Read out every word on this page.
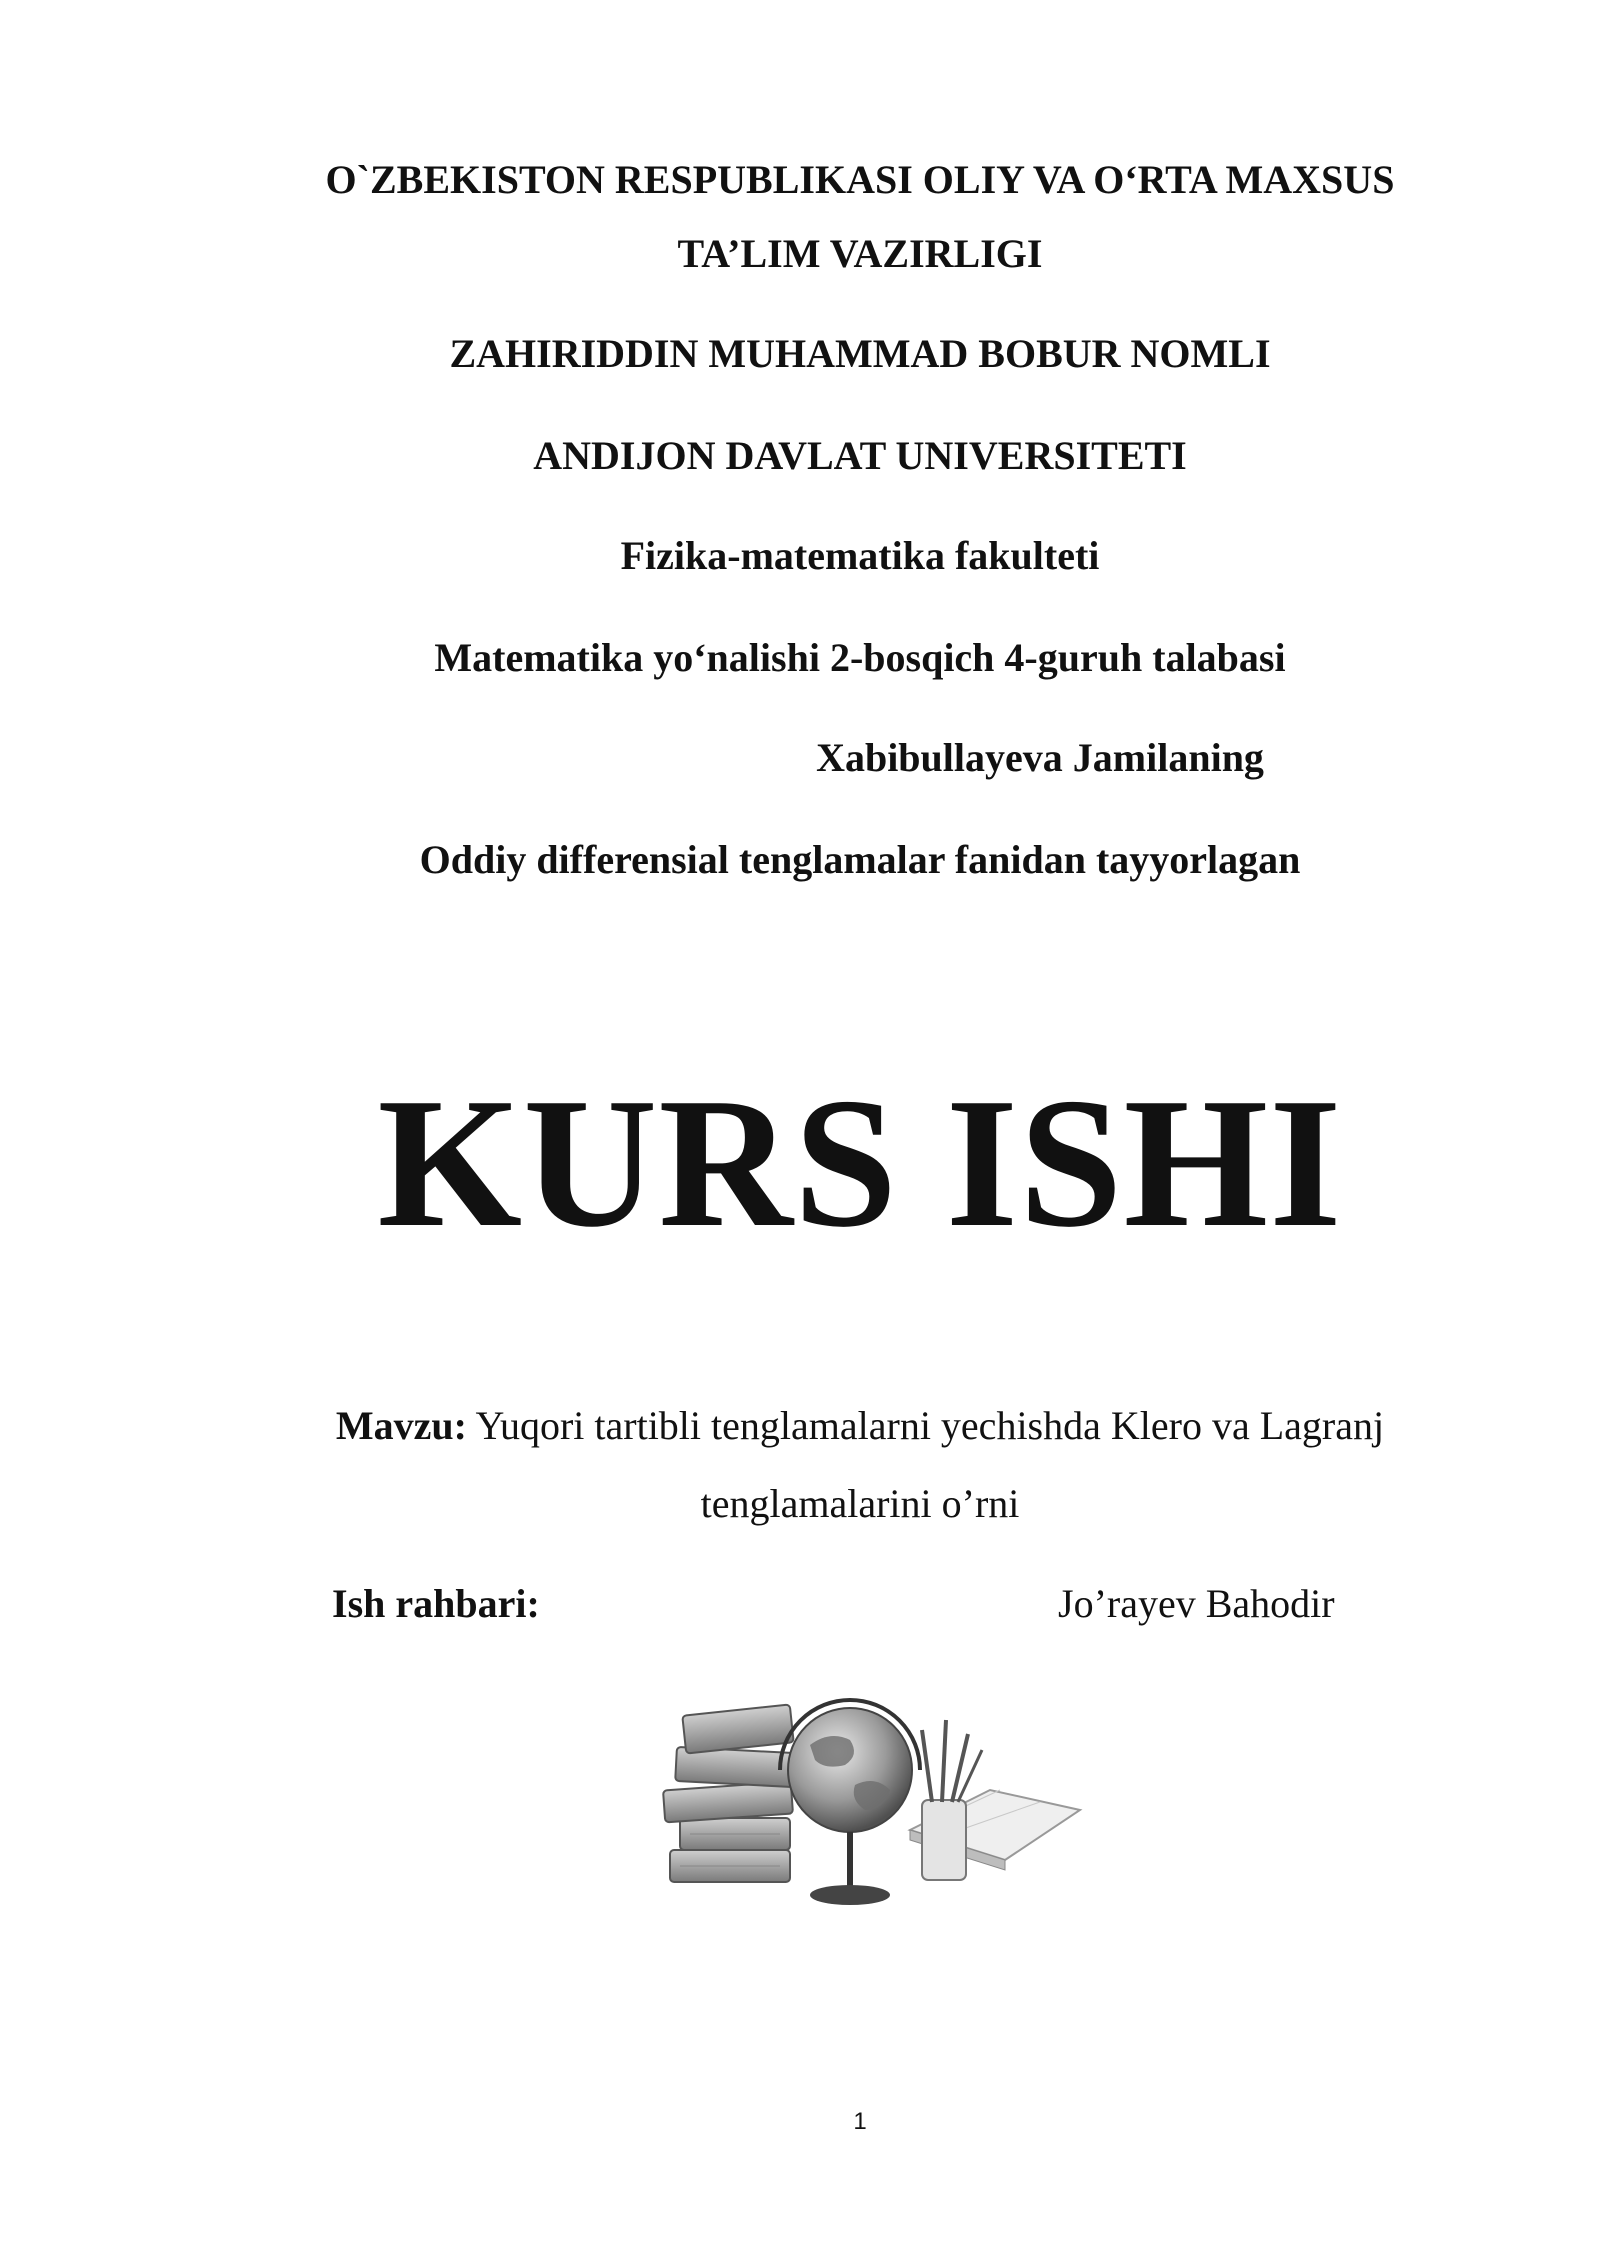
O`ZBEKISTON RESPUBLIKASI OLIY VA O‘RTA MAXSUS
TA’LIM VAZIRLIGI
ZAHIRIDDIN MUHAMMAD BOBUR NOMLI
ANDIJON DAVLAT UNIVERSITETI
Fizika-matematika fakulteti
Matematika yo‘nalishi 2-bosqich 4-guruh talabasi
Xabibullayeva Jamilaning
Oddiy differensial tenglamalar fanidan tayyorlagan
KURS ISHI
Mavzu: Yuqori tartibli tenglamalarni yechishda Klero va Lagranj
tenglamalarini o’rni
Ish rahbari:	Jo’rayev Bahodir
1
